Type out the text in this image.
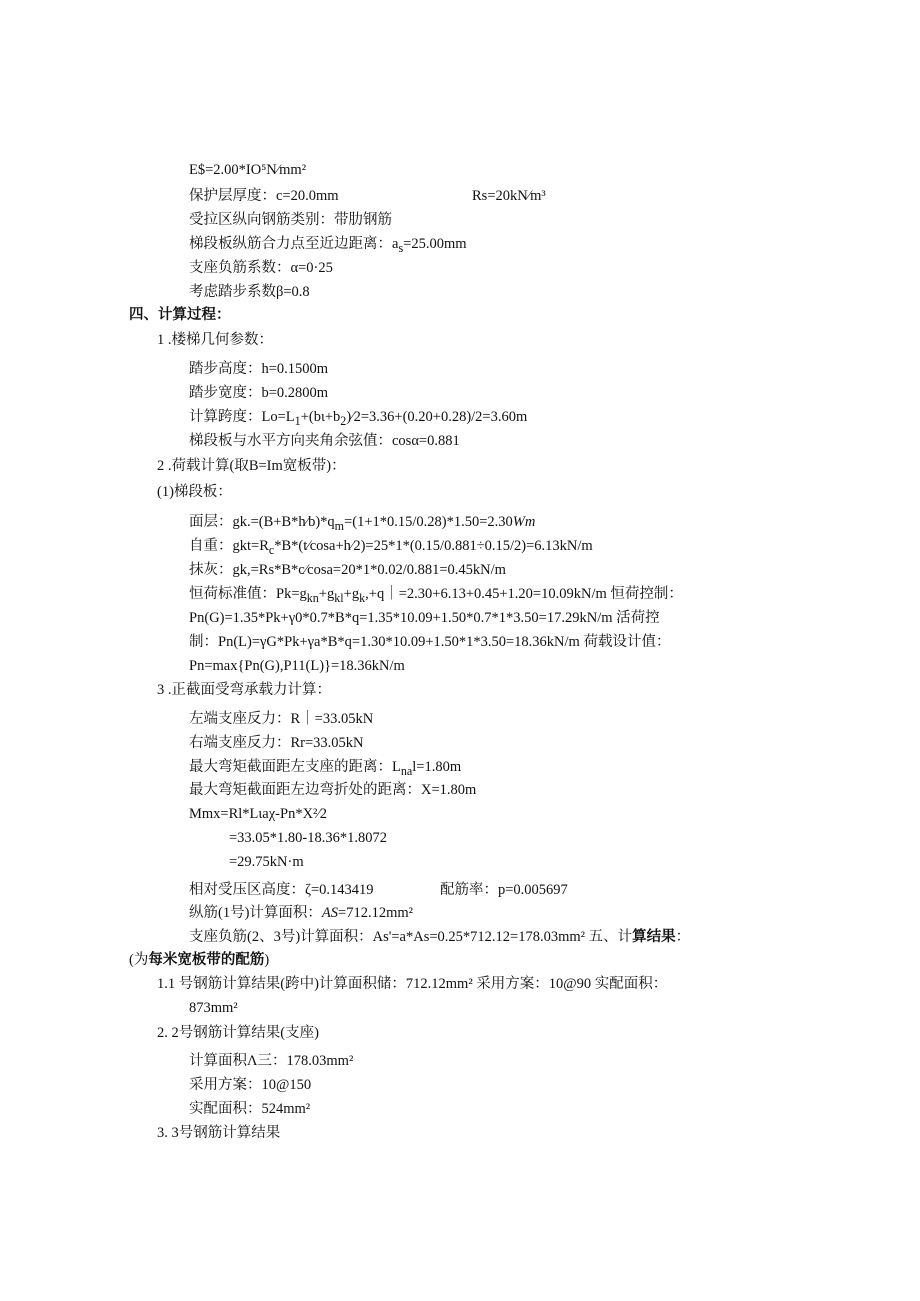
E$=2.00*IO⁵N∕mm²
保护层厚度：c=20.0mm	Rs=20kN∕m³
受拉区纵向钢筋类别：带肋钢筋
梯段板纵筋合力点至近边距离：$a_s=25.00mm$
支座负筋系数：α=0·25
考虑踏步系数β=0.8
四、计算过程：
1 .楼梯几何参数：
踏步高度：h=0.1500m
踏步宽度：b=0.2800m
计算跨度：$Lo=L_1+(b\iota+b_2)∕2=3.36+(0.20+0.28)/2=3.60m$
梯段板与水平方向夹角余弦值：cosα=0.881
2 .荷载计算(取B=Im宽板带)：
(1)梯段板：
面层：$gk.=(B+B*h∕b)*q_m=(1+1*0.15/0.28)*1.50=2.30Wm$
自重：$gkt=R_c*B*(t∕\cos a+h∕2)=25*1*(0.15/0.881\div 0.15/2)=6.13kN/m$
抹灰：gk,=Rs*B*c∕cosa=20*1*0.02/0.881=0.45kN/m
恒荷标准值：$Pk=g_{kn}+g_{kl}+g_k,+q|=2.30+6.13+0.45+1.20=10.09kN/m$ 恒荷控制：
Pn(G)=1.35*Pk+γ0*0.7*B*q=1.35*10.09+1.50*0.7*1*3.50=17.29kN/m 活荷控
制：Pn(L)=γG*Pk+γa*B*q=1.30*10.09+1.50*1*3.50=18.36kN/m 荷载设计值：
Pn=max{Pn(G),P11(L)}=18.36kN/m
3 .正截面受弯承载力计算：
左端支座反力：R｜=33.05kN
右端支座反力：Rr=33.05kN
最大弯矩截面距左支座的距离：$L_{na}l=1.80m$
最大弯矩截面距左边弯折处的距离：X=1.80m
Mmx=Rl*Lιaχ-Pn*X²∕2
=33.05*1.80-18.36*1.8072
=29.75kN·m
相对受压区高度：ζ=0.143419	配筋率：p=0.005697
纵筋(1号)计算面积：AS=712.12mm²
支座负筋(2、3号)计算面积：As'=a*As=0.25*712.12=178.03mm² 五、计算结果：
(为每米宽板带的配筋)
1.1 号钢筋计算结果(跨中)计算面积储：712.12mm² 采用方案：10@90 实配面积：
873mm²
2. 2号钢筋计算结果(支座)
计算面积Λ三：178.03mm²
采用方案：10@150
实配面积：524mm²
3. 3号钢筋计算结果
